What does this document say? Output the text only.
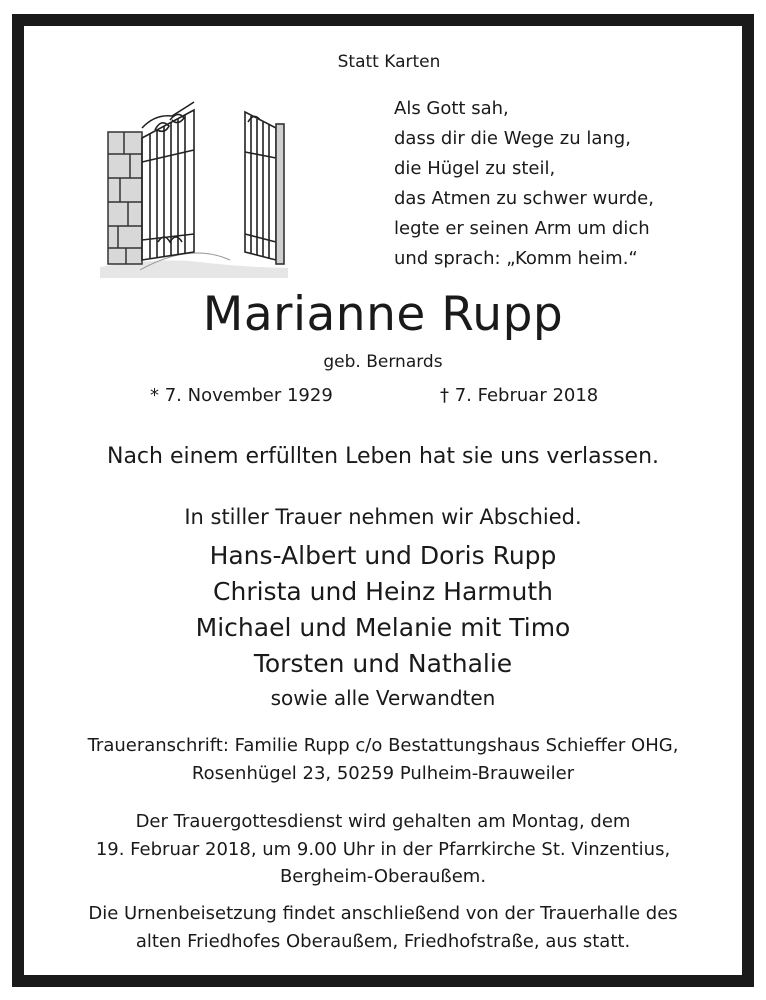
Statt Karten
Als Gott sah,
dass dir die Wege zu lang,
die Hügel zu steil,
das Atmen zu schwer wurde,
legte er seinen Arm um dich
und sprach: „Komm heim.“
Marianne Rupp
geb. Bernards
* 7. November 1929	† 7. Februar 2018
Nach einem erfüllten Leben hat sie uns verlassen.
In stiller Trauer nehmen wir Abschied.
Hans-Albert und Doris Rupp
Christa und Heinz Harmuth
Michael und Melanie mit Timo
Torsten und Nathalie
sowie alle Verwandten
Traueranschrift: Familie Rupp c/o Bestattungshaus Schieffer OHG,
Rosenhügel 23, 50259 Pulheim-Brauweiler
Der Trauergottesdienst wird gehalten am Montag, dem
19. Februar 2018, um 9.00 Uhr in der Pfarrkirche St. Vinzentius,
Bergheim-Oberaußem.
Die Urnenbeisetzung findet anschließend von der Trauerhalle des
alten Friedhofes Oberaußem, Friedhofstraße, aus statt.
